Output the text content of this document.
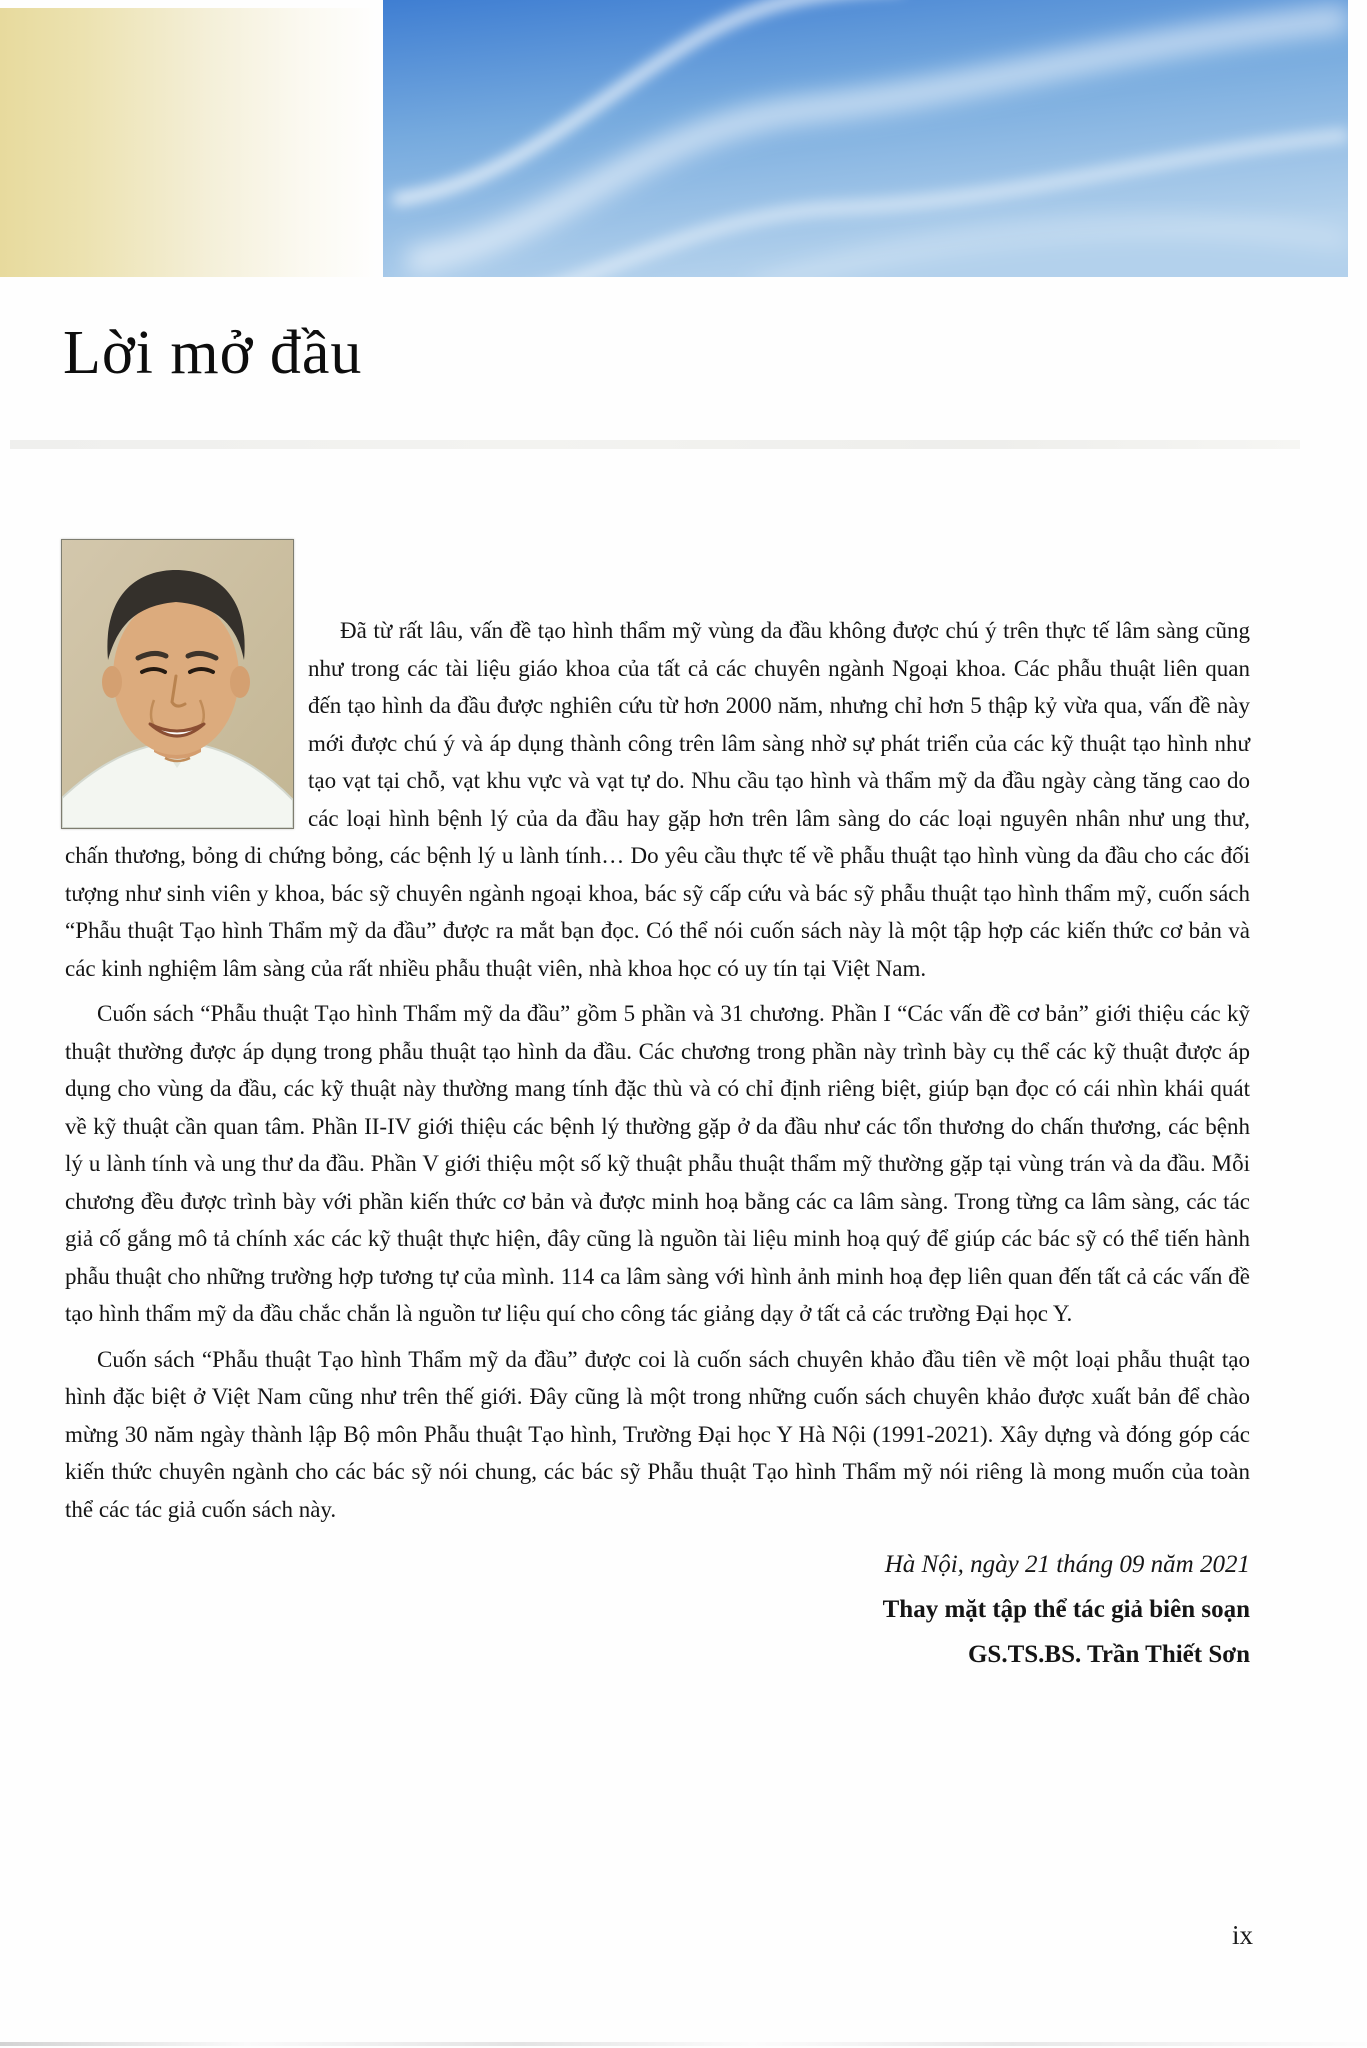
Lời mở đầu

Đã từ rất lâu, vấn đề tạo hình thẩm mỹ vùng da đầu không được chú ý trên thực tế lâm sàng cũng như trong các tài liệu giáo khoa của tất cả các chuyên ngành Ngoại khoa. Các phẫu thuật liên quan đến tạo hình da đầu được nghiên cứu từ hơn 2000 năm, nhưng chỉ hơn 5 thập kỷ vừa qua, vấn đề này mới được chú ý và áp dụng thành công trên lâm sàng nhờ sự phát triển của các kỹ thuật tạo hình như tạo vạt tại chỗ, vạt khu vực và vạt tự do. Nhu cầu tạo hình và thẩm mỹ da đầu ngày càng tăng cao do các loại hình bệnh lý của da đầu hay gặp hơn trên lâm sàng do các loại nguyên nhân như ung thư, chấn thương, bỏng di chứng bỏng, các bệnh lý u lành tính… Do yêu cầu thực tế về phẫu thuật tạo hình vùng da đầu cho các đối tượng như sinh viên y khoa, bác sỹ chuyên ngành ngoại khoa, bác sỹ cấp cứu và bác sỹ phẫu thuật tạo hình thẩm mỹ, cuốn sách “Phẫu thuật Tạo hình Thẩm mỹ da đầu” được ra mắt bạn đọc. Có thể nói cuốn sách này là một tập hợp các kiến thức cơ bản và các kinh nghiệm lâm sàng của rất nhiều phẫu thuật viên, nhà khoa học có uy tín tại Việt Nam.

Cuốn sách “Phẫu thuật Tạo hình Thẩm mỹ da đầu” gồm 5 phần và 31 chương. Phần I “Các vấn đề cơ bản” giới thiệu các kỹ thuật thường được áp dụng trong phẫu thuật tạo hình da đầu. Các chương trong phần này trình bày cụ thể các kỹ thuật được áp dụng cho vùng da đầu, các kỹ thuật này thường mang tính đặc thù và có chỉ định riêng biệt, giúp bạn đọc có cái nhìn khái quát về kỹ thuật cần quan tâm. Phần II-IV giới thiệu các bệnh lý thường gặp ở da đầu như các tổn thương do chấn thương, các bệnh lý u lành tính và ung thư da đầu. Phần V giới thiệu một số kỹ thuật phẫu thuật thẩm mỹ thường gặp tại vùng trán và da đầu. Mỗi chương đều được trình bày với phần kiến thức cơ bản và được minh hoạ bằng các ca lâm sàng. Trong từng ca lâm sàng, các tác giả cố gắng mô tả chính xác các kỹ thuật thực hiện, đây cũng là nguồn tài liệu minh hoạ quý để giúp các bác sỹ có thể tiến hành phẫu thuật cho những trường hợp tương tự của mình. 114 ca lâm sàng với hình ảnh minh hoạ đẹp liên quan đến tất cả các vấn đề tạo hình thẩm mỹ da đầu chắc chắn là nguồn tư liệu quí cho công tác giảng dạy ở tất cả các trường Đại học Y.

Cuốn sách “Phẫu thuật Tạo hình Thẩm mỹ da đầu” được coi là cuốn sách chuyên khảo đầu tiên về một loại phẫu thuật tạo hình đặc biệt ở Việt Nam cũng như trên thế giới. Đây cũng là một trong những cuốn sách chuyên khảo được xuất bản để chào mừng 30 năm ngày thành lập Bộ môn Phẫu thuật Tạo hình, Trường Đại học Y Hà Nội (1991-2021). Xây dựng và đóng góp các kiến thức chuyên ngành cho các bác sỹ nói chung, các bác sỹ Phẫu thuật Tạo hình Thẩm mỹ nói riêng là mong muốn của toàn thể các tác giả cuốn sách này.

Hà Nội, ngày 21 tháng 09 năm 2021
Thay mặt tập thể tác giả biên soạn
GS.TS.BS. Trần Thiết Sơn
ix
